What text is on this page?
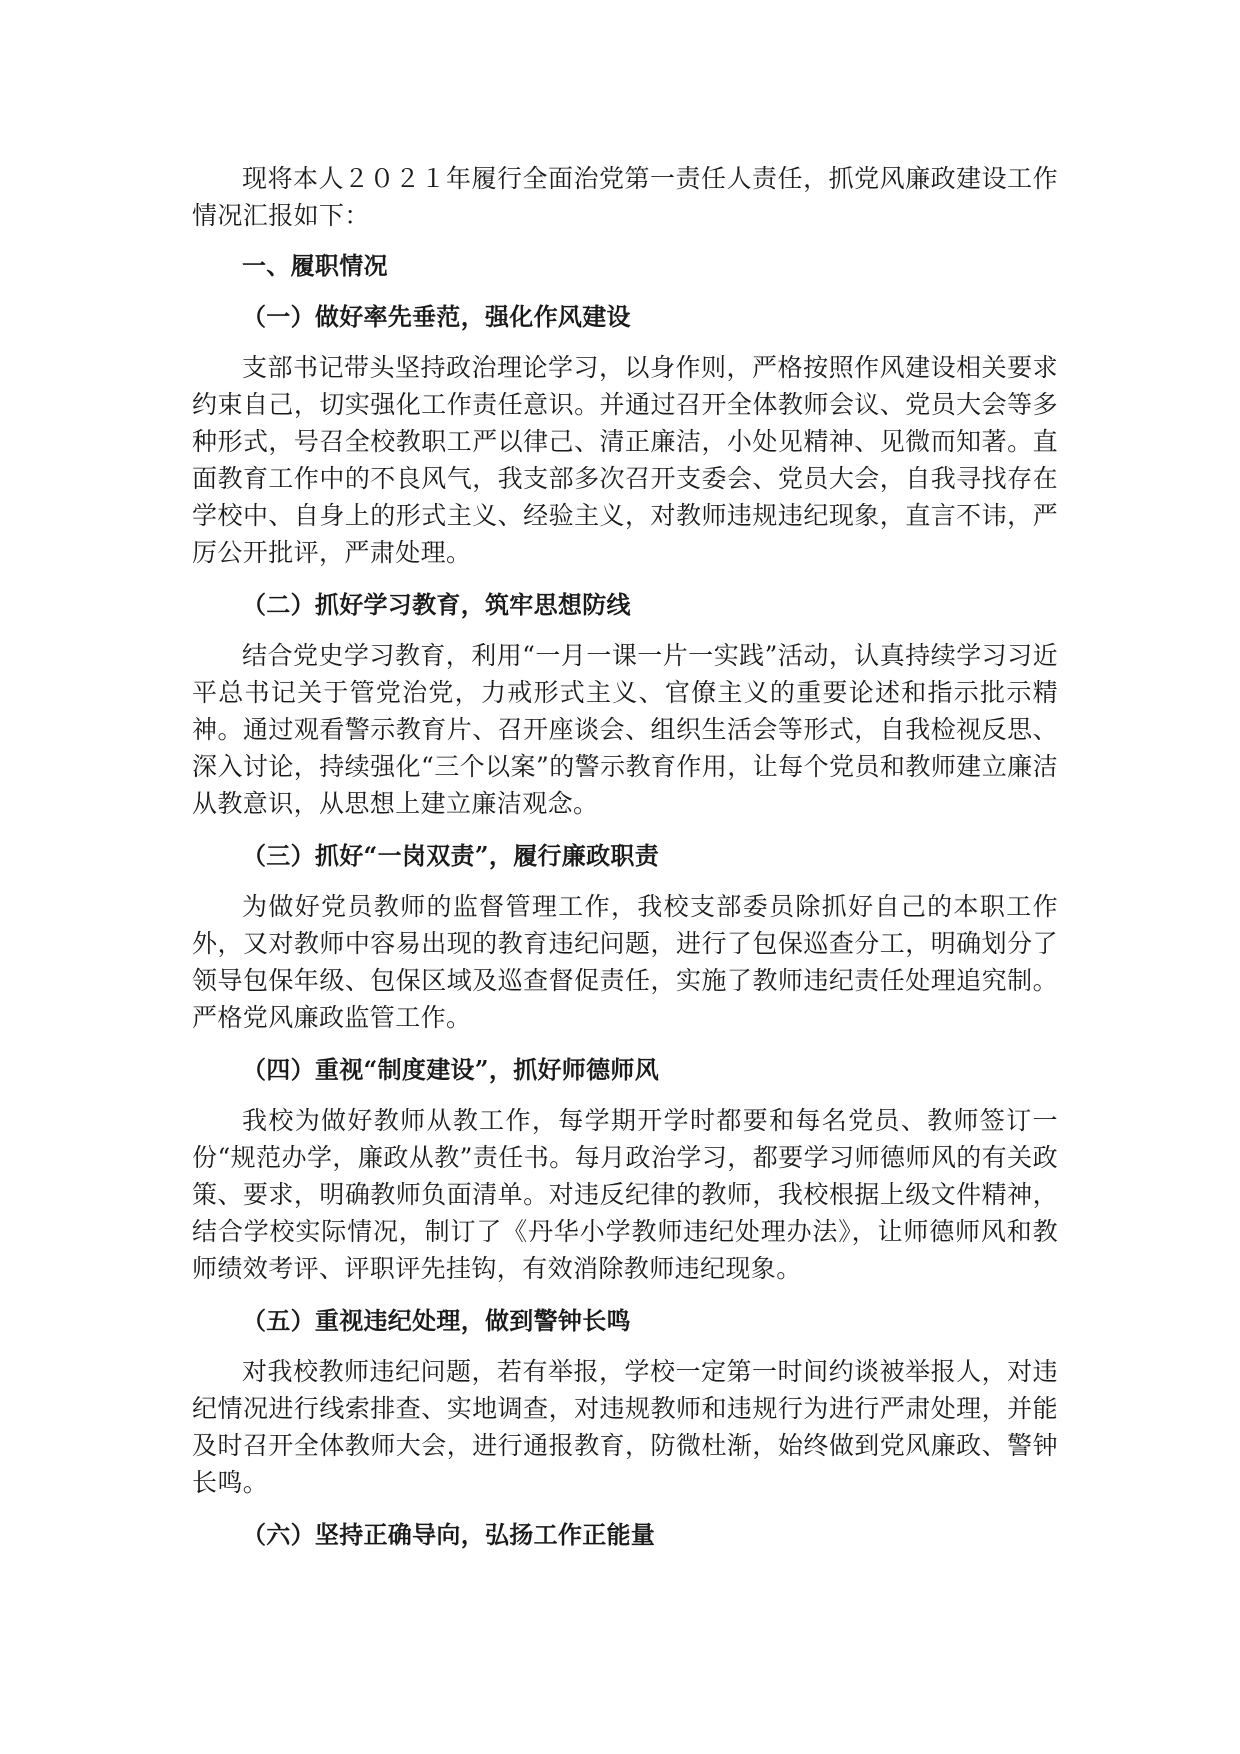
现将本人２０２１年履行全面治党第一责任人责任，抓党风廉政建设工作情况汇报如下：

一、履职情况

（一）做好率先垂范，强化作风建设

支部书记带头坚持政治理论学习，以身作则，严格按照作风建设相关要求约束自己，切实强化工作责任意识。并通过召开全体教师会议、党员大会等多种形式，号召全校教职工严以律己、清正廉洁，小处见精神、见微而知著。直面教育工作中的不良风气，我支部多次召开支委会、党员大会，自我寻找存在学校中、自身上的形式主义、经验主义，对教师违规违纪现象，直言不讳，严厉公开批评，严肃处理。

（二）抓好学习教育，筑牢思想防线

结合党史学习教育，利用“一月一课一片一实践”活动，认真持续学习习近平总书记关于管党治党，力戒形式主义、官僚主义的重要论述和指示批示精神。通过观看警示教育片、召开座谈会、组织生活会等形式，自我检视反思、深入讨论，持续强化“三个以案”的警示教育作用，让每个党员和教师建立廉洁从教意识，从思想上建立廉洁观念。

（三）抓好“一岗双责”，履行廉政职责

为做好党员教师的监督管理工作，我校支部委员除抓好自己的本职工作外，又对教师中容易出现的教育违纪问题，进行了包保巡查分工，明确划分了领导包保年级、包保区域及巡查督促责任，实施了教师违纪责任处理追究制。严格党风廉政监管工作。

（四）重视“制度建设”，抓好师德师风

我校为做好教师从教工作，每学期开学时都要和每名党员、教师签订一份“规范办学，廉政从教”责任书。每月政治学习，都要学习师德师风的有关政策、要求，明确教师负面清单。对违反纪律的教师，我校根据上级文件精神，结合学校实际情况，制订了《丹华小学教师违纪处理办法》，让师德师风和教师绩效考评、评职评先挂钩，有效消除教师违纪现象。

（五）重视违纪处理，做到警钟长鸣

对我校教师违纪问题，若有举报，学校一定第一时间约谈被举报人，对违纪情况进行线索排查、实地调查，对违规教师和违规行为进行严肃处理，并能及时召开全体教师大会，进行通报教育，防微杜渐，始终做到党风廉政、警钟长鸣。

（六）坚持正确导向，弘扬工作正能量
